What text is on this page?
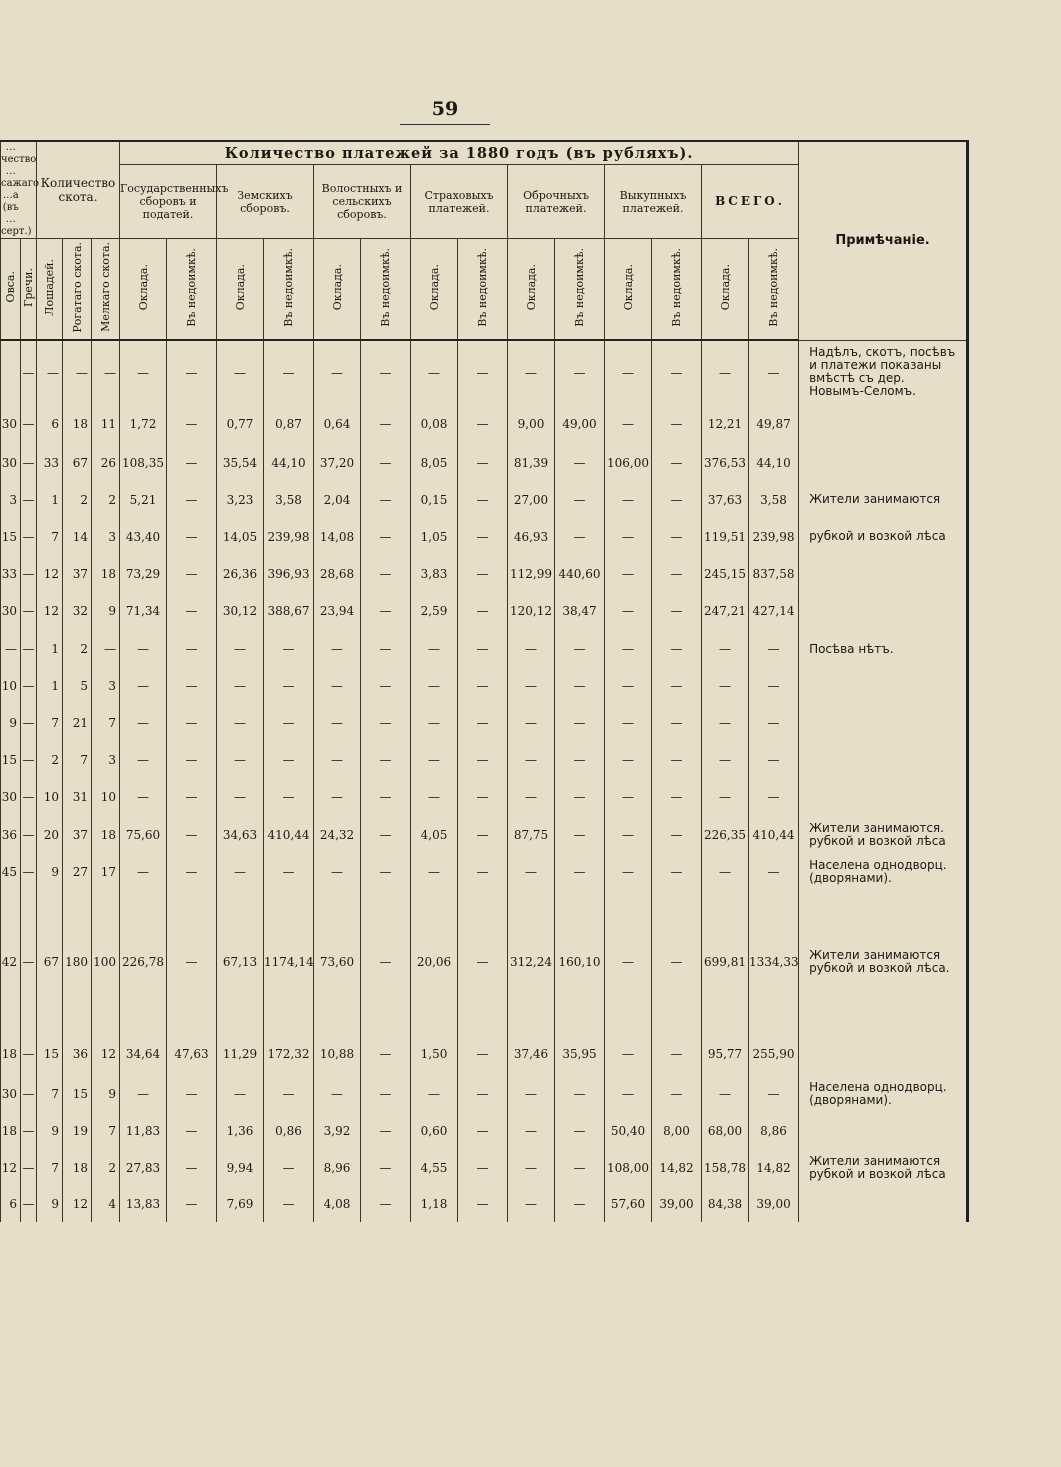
59
…чество …сажаго …а (въ …серт.)		Количество скота.			Количество платежей за 1880 годъ (въ рубляхъ).														Примѣчаніе.
					Государственныхъ сборовъ и податей.		Земскихъ сборовъ.		Волостныхъ и сельскихъ сборовъ.		Страховыхъ платежей.		Оброчныхъ платежей.		Выкупныхъ платежей.		ВСЕГО.		
Овса.	Гречи.	Лошадей.	Рогатаго скота.	Мелкаго скота.	Оклада.	Въ недоимкѣ.	Оклада.	Въ недоимкѣ.	Оклада.	Въ недоимкѣ.	Оклада.	Въ недоимкѣ.	Оклада.	Въ недоимкѣ.	Оклада.	Въ недоимкѣ.	Оклада.	Въ недоимкѣ.	
	—	—	—	—	—	—	—	—	—	—	—	—	—	—	—	—	—	—	Надѣлъ, скотъ, посѣвъ и платежи показаны вмѣстѣ съ дер. Новымъ-Селомъ.
30	—	6	18	11	1,72	—	0,77	0,87	0,64	—	0,08	—	9,00	49,00	—	—	12,21	49,87	
30	—	33	67	26	108,35	—	35,54	44,10	37,20	—	8,05	—	81,39	—	106,00	—	376,53	44,10	
3	—	1	2	2	5,21	—	3,23	3,58	2,04	—	0,15	—	27,00	—	—	—	37,63	3,58	Жители занимаются
15	—	7	14	3	43,40	—	14,05	239,98	14,08	—	1,05	—	46,93	—	—	—	119,51	239,98	рубкой и возкой лѣса
33	—	12	37	18	73,29	—	26,36	396,93	28,68	—	3,83	—	112,99	440,60	—	—	245,15	837,58	
30	—	12	32	9	71,34	—	30,12	388,67	23,94	—	2,59	—	120,12	38,47	—	—	247,21	427,14	
—	—	1	2	—	—	—	—	—	—	—	—	—	—	—	—	—	—	—	Посѣва нѣтъ.
10	—	1	5	3	—	—	—	—	—	—	—	—	—	—	—	—	—	—	
9	—	7	21	7	—	—	—	—	—	—	—	—	—	—	—	—	—	—	
15	—	2	7	3	—	—	—	—	—	—	—	—	—	—	—	—	—	—	
30	—	10	31	10	—	—	—	—	—	—	—	—	—	—	—	—	—	—	
36	—	20	37	18	75,60	—	34,63	410,44	24,32	—	4,05	—	87,75	—	—	—	226,35	410,44	Жители занимаются. рубкой и возкой лѣса
45	—	9	27	17	—	—	—	—	—	—	—	—	—	—	—	—	—	—	Населена однодворц. (дворянами).
42	—	67	180	100	226,78	—	67,13	1174,14	73,60	—	20,06	—	312,24	160,10	—	—	699,81	1334,33	Жители занимаются рубкой и возкой лѣса.
18	—	15	36	12	34,64	47,63	11,29	172,32	10,88	—	1,50	—	37,46	35,95	—	—	95,77	255,90	
30	—	7	15	9	—	—	—	—	—	—	—	—	—	—	—	—	—	—	Населена однодворц. (дворянами).
18	—	9	19	7	11,83	—	1,36	0,86	3,92	—	0,60	—	—	—	50,40	8,00	68,00	8,86	
12	—	7	18	2	27,83	—	9,94	—	8,96	—	4,55	—	—	—	108,00	14,82	158,78	14,82	Жители занимаются рубкой и возкой лѣса
6	—	9	12	4	13,83	—	7,69	—	4,08	—	1,18	—	—	—	57,60	39,00	84,38	39,00	
